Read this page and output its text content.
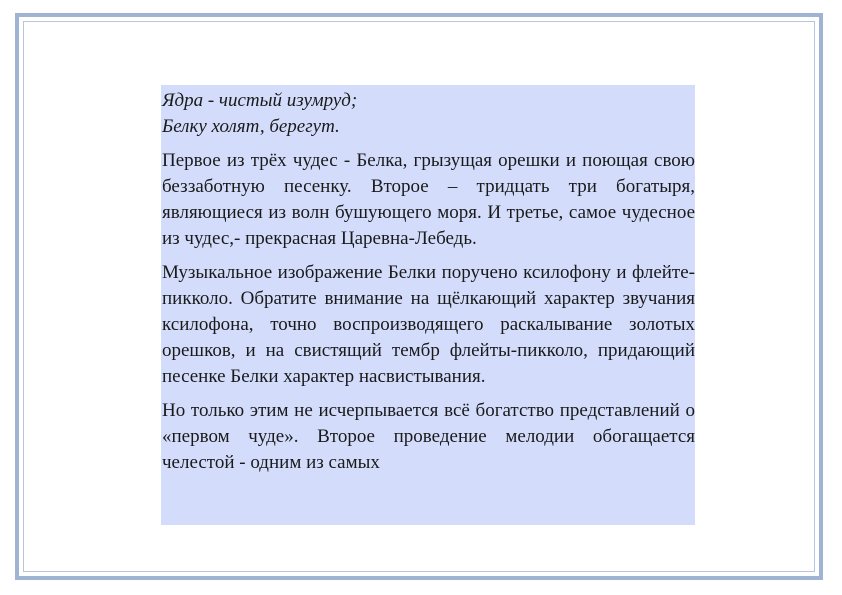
Ядра - чистый изумруд;

Белку холят, берегут.

Первое из трёх чудес - Белка, грызущая орешки и поющая свою беззаботную песенку. Второе – тридцать три богатыря, являющиеся из волн бушующего моря. И третье, самое чудесное из чудес,- прекрасная Царевна-Лебедь.

Музыкальное изображение Белки поручено ксилофону и флейте-пикколо. Обратите внимание на щёлкающий характер звучания ксилофона, точно воспроизводящего раскалывание золотых орешков, и на свистящий тембр флейты-пикколо, придающий песенке Белки характер насвистывания.

Но только этим не исчерпывается всё богатство представлений о «первом чуде». Второе проведение мелодии обогащается челестой - одним из самых
